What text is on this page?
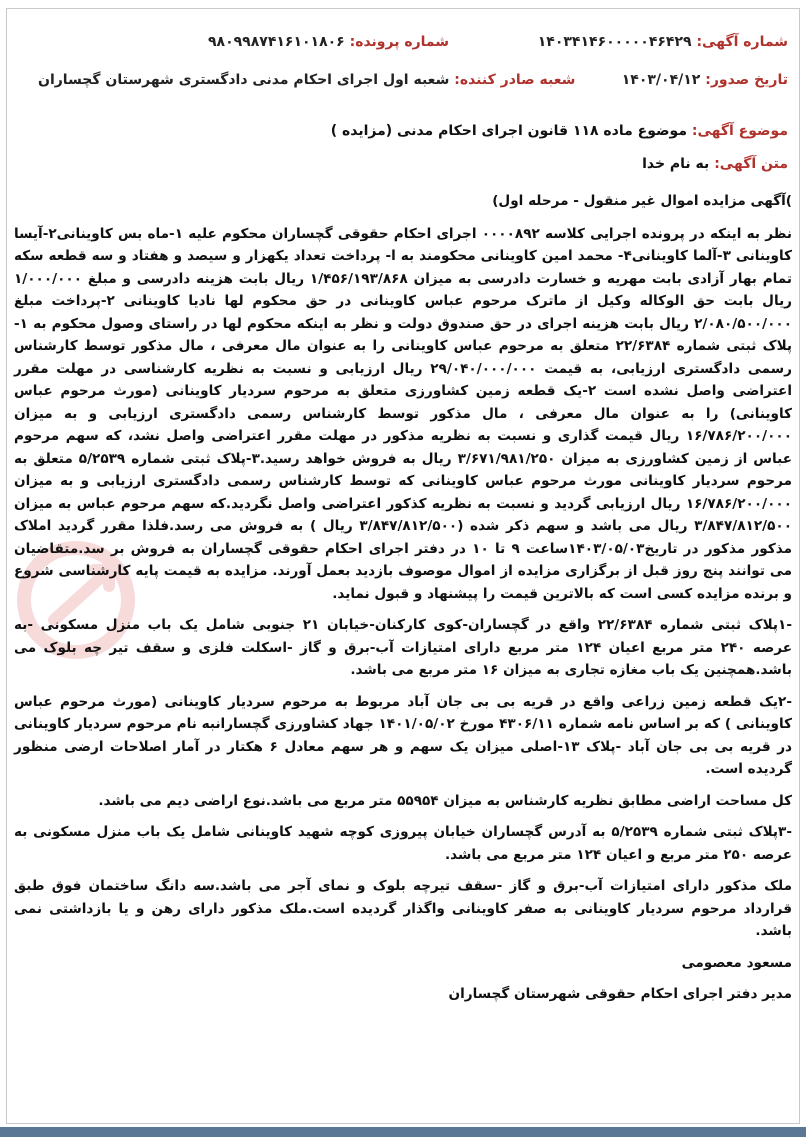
شماره آگهی: ۱۴۰۳۴۱۴۶۰۰۰۰۰۴۶۴۲۹
شماره پرونده: ۹۸۰۹۹۸۷۴۱۶۱۰۱۸۰۶
تاریخ صدور: ۱۴۰۳/۰۴/۱۲
شعبه صادر کننده: شعبه اول اجرای احکام مدنی دادگستری شهرستان گچساران
موضوع آگهی: موضوع ماده ۱۱۸ قانون اجرای احکام مدنی (مزایده )
متن آگهی: به نام خدا

)آگهی مزایده اموال غیر منقول - مرحله اول)

نظر به اینکه در پرونده اجرایی کلاسه ۰۰۰۰۸۹۲ اجرای احکام حقوقی گچساران محکوم علیه ۱-ماه بس کاوینانی۲-آیسا کاوینانی ۳-آلما کاوینانی۴- محمد امین کاوینانی محکومند به ا- پرداخت تعداد یکهزار و سیصد و هفتاد و سه قطعه سکه تمام بهار آزادی بابت مهریه و خسارت دادرسی به میزان ۱/۴۵۶/۱۹۳/۸۶۸ ریال بابت هزینه دادرسی و مبلغ ۱/۰۰۰/۰۰۰ ریال بابت حق الوکاله وکیل از ماترک مرحوم عباس کاوینانی در حق محکوم لها نادیا کاوینانی ۲-پرداخت مبلغ ۲/۰۸۰/۵۰۰/۰۰۰ ریال بابت هزینه اجرای در حق صندوق دولت و نظر به اینکه محکوم لها در راستای وصول محکوم به ۱-پلاک ثبتی شماره ۲۲/۶۳۸۴ متعلق به مرحوم عباس کاوینانی را به عنوان مال معرفی ، مال مذکور توسط کارشناس رسمی دادگستری ارزیابی، به قیمت ۲۹/۰۴۰/۰۰۰/۰۰۰ ریال ارزیابی و نسبت به نظریه کارشناسی در مهلت مقرر اعتراضی واصل نشده است ۲-یک قطعه زمین کشاورزی متعلق به مرحوم سردیار کاوینانی (مورث مرحوم عباس کاوینانی) را به عنوان مال معرفی ، مال مذکور توسط کارشناس رسمی دادگستری ارزیابی و به میزان ۱۶/۷۸۶/۲۰۰/۰۰۰ ریال قیمت گذاری و نسبت به نظریه مذکور در مهلت مقرر اعتراضی واصل نشد، که سهم مرحوم عباس از زمین کشاورزی به میزان ۳/۶۷۱/۹۸۱/۲۵۰ ریال به فروش خواهد رسید.۳-پلاک ثبتی شماره ۵/۲۵۳۹ متعلق به مرحوم سردیار کاوینانی مورث مرحوم عباس کاوینانی که توسط کارشناس رسمی دادگستری ارزیابی و به میزان ۱۶/۷۸۶/۲۰۰/۰۰۰ ریال ارزیابی گردید و نسبت به نظریه کذکور اعتراضی واصل نگردید.که سهم مرحوم عباس به میزان ۳/۸۴۷/۸۱۲/۵۰۰ ریال می باشد و سهم ذکر شده (۳/۸۴۷/۸۱۲/۵۰۰ ریال ) به فروش می رسد.فلذا مقرر گردید املاک مذکور مذکور در تاریخ۱۴۰۳/۰۵/۰۳ساعت ۹ تا ۱۰ در دفتر اجرای احکام حقوقی گچساران به فروش بر سد.متقاضیان می توانند پنج روز قبل از برگزاری مزایده از اموال موصوف بازدید بعمل آورند. مزایده به قیمت پایه کارشناسی شروع و برنده مزایده کسی است که بالاترین قیمت را پیشنهاد و قبول نماید.

-۱پلاک ثبتی شماره ۲۲/۶۳۸۴ واقع در گچساران-کوی کارکنان-خیابان ۲۱ جنوبی شامل یک باب منزل مسکونی -به عرصه ۲۴۰ متر مربع اعیان ۱۲۴ متر مربع دارای امتیازات آب-برق و گاز -اسکلت فلزی و سقف تیر چه بلوک می باشد.همچنین یک باب مغازه تجاری به میزان ۱۶ متر مربع می باشد.

-۲یک قطعه زمین زراعی واقع در قریه بی بی جان آباد مربوط به مرحوم سردیار کاوینانی (مورث مرحوم عباس کاوینانی ) که بر اساس نامه شماره ۴۳۰۶/۱۱ مورخ ۱۴۰۱/۰۵/۰۲ جهاد کشاورزی گچسارانبه نام مرحوم سردیار کاوینانی در قریه بی بی جان آباد -پلاک ۱۳-اصلی میزان یک سهم و هر سهم معادل ۶ هکتار در آمار اصلاحات ارضی منظور گردیده است.

کل مساحت اراضی مطابق نظریه کارشناس به میزان ۵۵۹۵۴ متر مربع می باشد.نوع اراضی دیم می باشد.

-۳پلاک ثبتی شماره ۵/۲۵۳۹ به آدرس گچساران خیابان پیروزی کوچه شهید کاوینانی شامل یک باب منزل مسکونی به عرصه ۲۵۰ متر مربع و اعیان ۱۲۴ متر مربع می باشد.

ملک مذکور دارای امتیازات آب-برق و گاز -سقف تیرچه بلوک و نمای آجر می باشد.سه دانگ ساختمان فوق طبق قرارداد مرحوم سردیار کاوینانی به صفر کاوینانی واگذار گردیده است.ملک مذکور دارای رهن و یا بازداشتی نمی باشد.

مسعود معصومی

مدیر دفتر اجرای احکام حقوقی شهرستان گچساران
